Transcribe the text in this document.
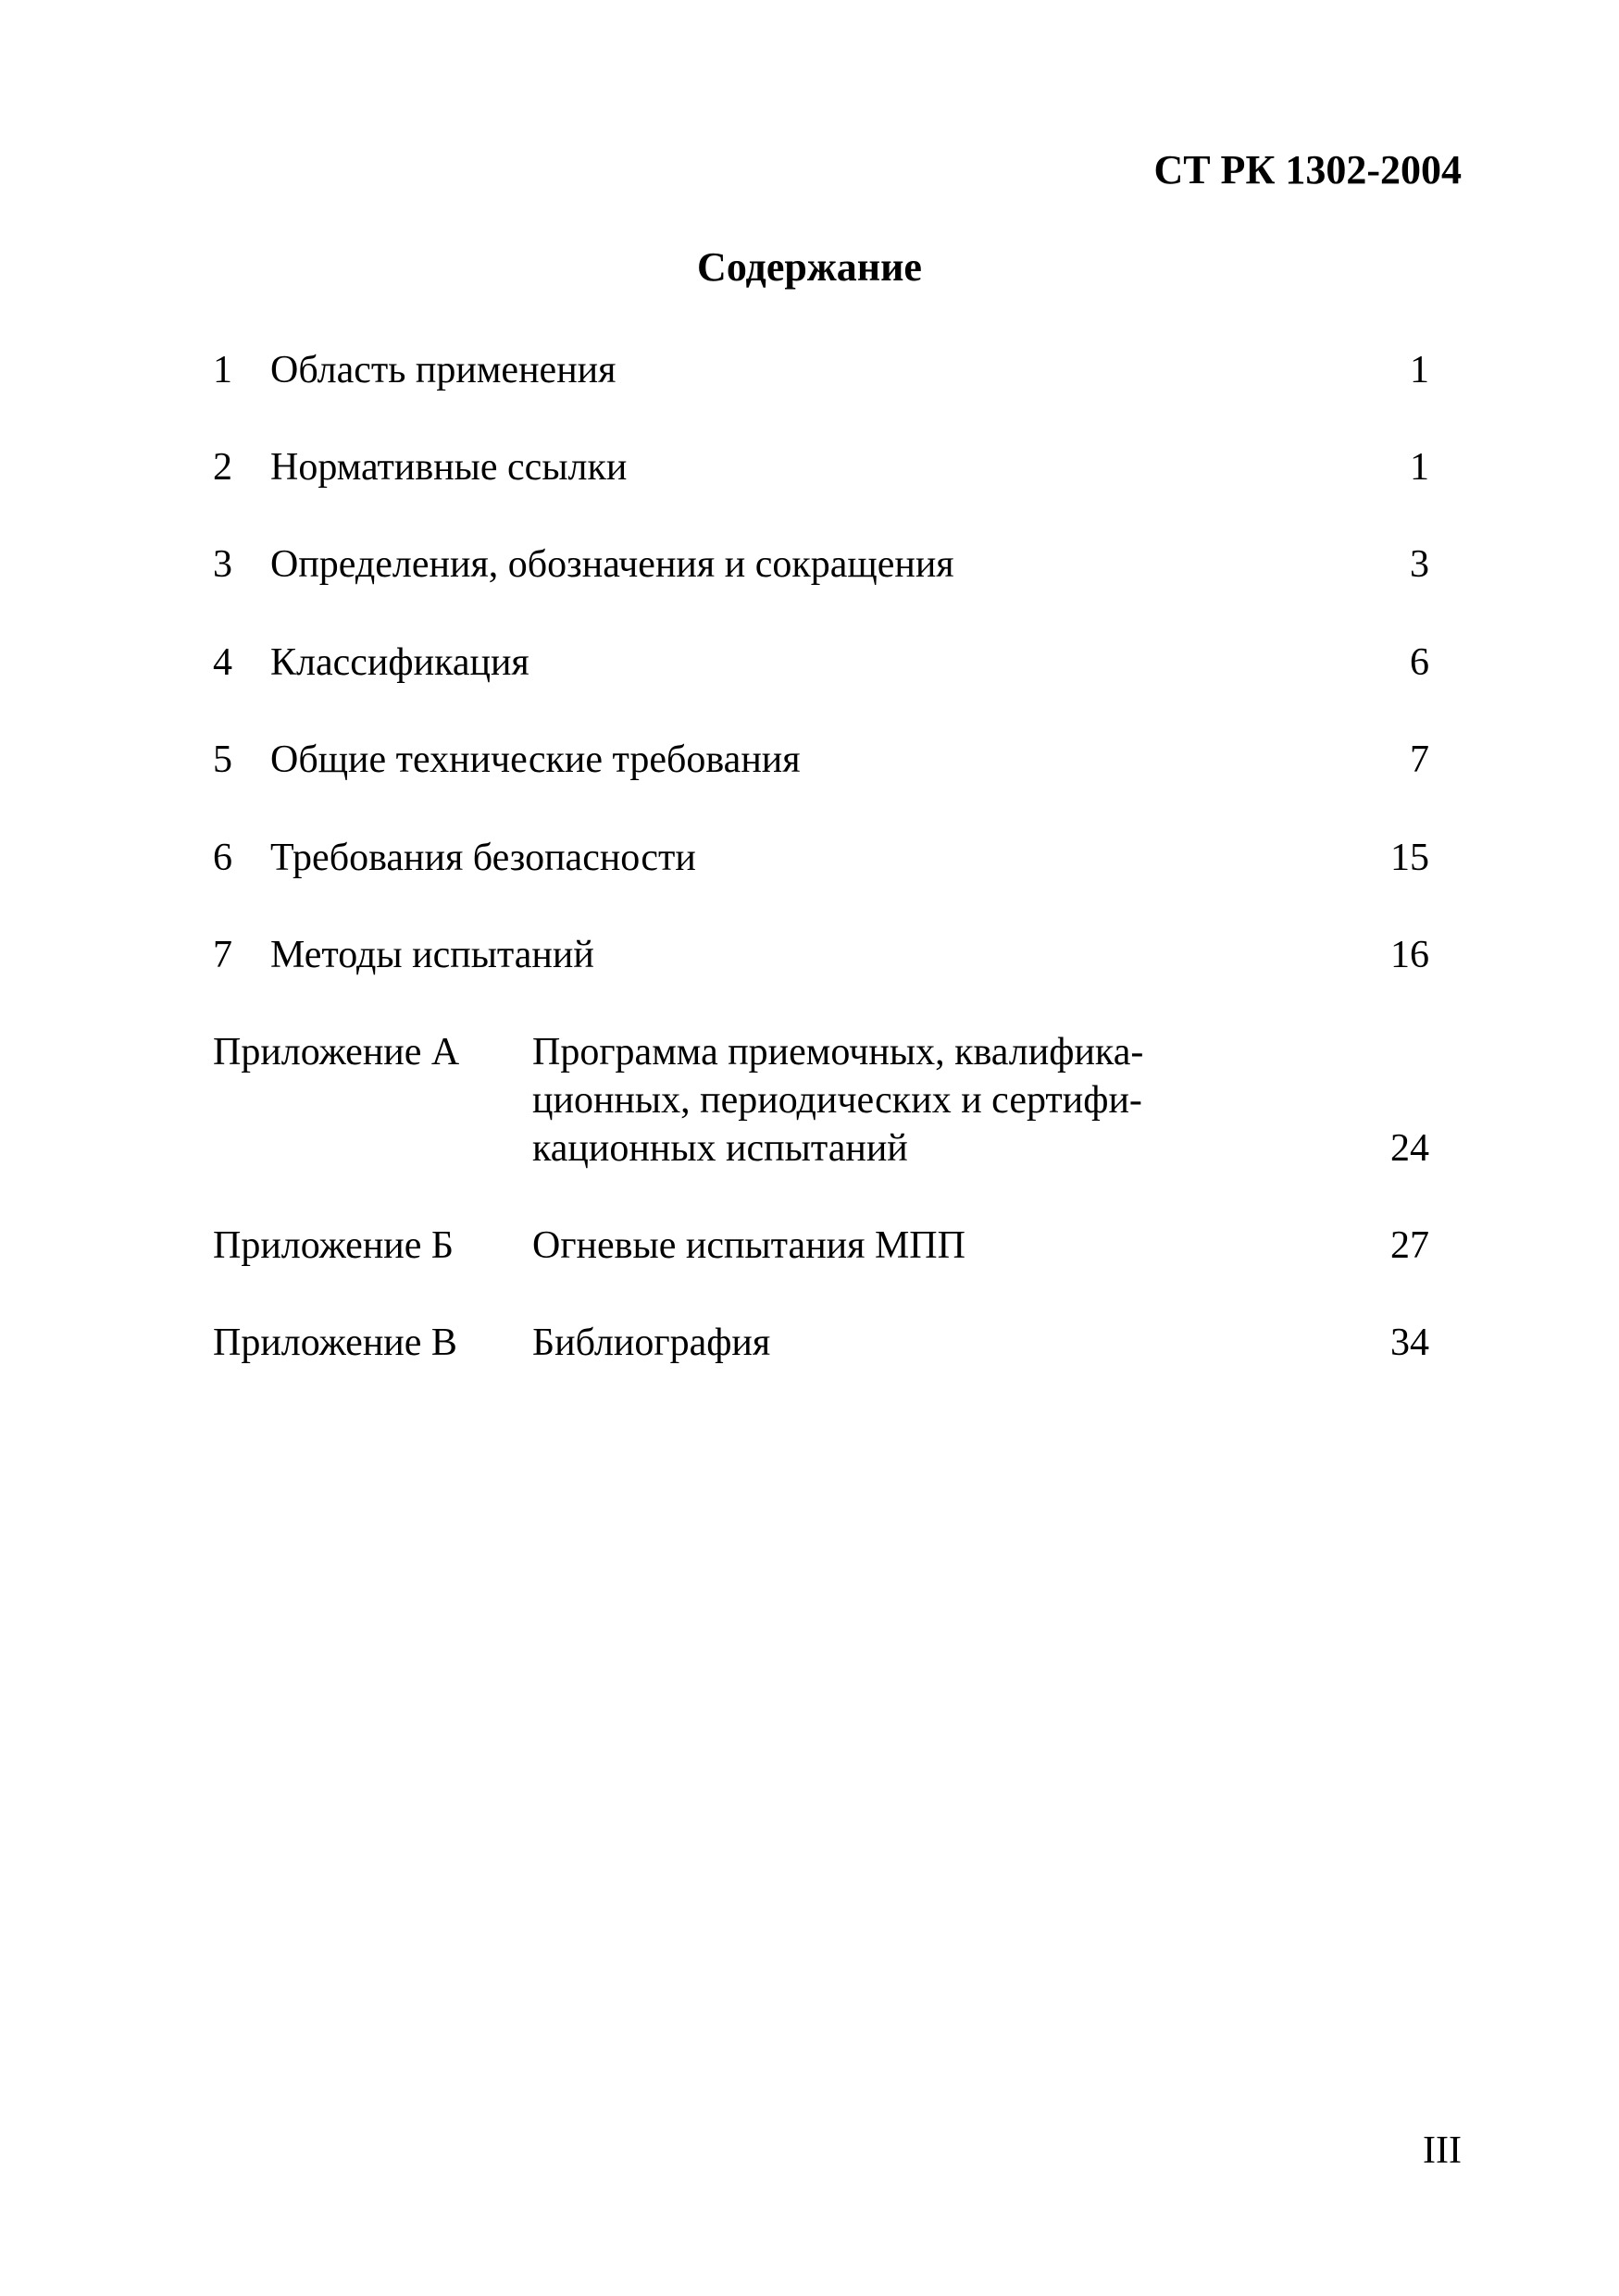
СТ РК 1302-2004

Содержание
1 Область применения	1
2 Нормативные ссылки	1
3 Определения, обозначения и сокращения	3
4 Классификация	6
5 Общие технические требования	7
6 Требования безопасности	15
7 Методы испытаний	16
Приложение А Программа приемочных, квалифика-
ционных, периодических и сертифи-
кационных испытаний	24
Приложение Б Огневые испытания МПП	27
Приложение В Библиография	34

III
